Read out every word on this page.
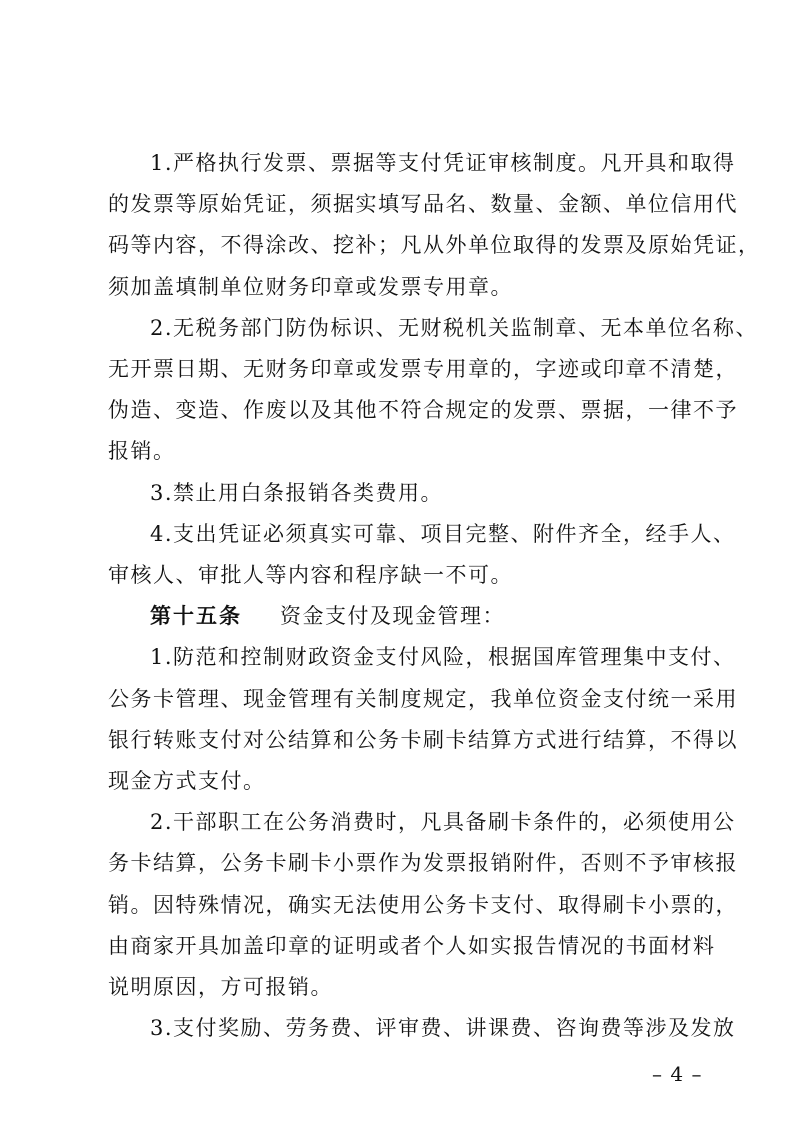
1.严格执行发票、票据等支付凭证审核制度。凡开具和取得
的发票等原始凭证，须据实填写品名、数量、金额、单位信用代
码等内容，不得涂改、挖补；凡从外单位取得的发票及原始凭证，
须加盖填制单位财务印章或发票专用章。
2.无税务部门防伪标识、无财税机关监制章、无本单位名称、
无开票日期、无财务印章或发票专用章的，字迹或印章不清楚，
伪造、变造、作废以及其他不符合规定的发票、票据，一律不予
报销。
3.禁止用白条报销各类费用。
4.支出凭证必须真实可靠、项目完整、附件齐全，经手人、
审核人、审批人等内容和程序缺一不可。
第十五条 资金支付及现金管理：
1.防范和控制财政资金支付风险，根据国库管理集中支付、
公务卡管理、现金管理有关制度规定，我单位资金支付统一采用
银行转账支付对公结算和公务卡刷卡结算方式进行结算，不得以
现金方式支付。
2.干部职工在公务消费时，凡具备刷卡条件的，必须使用公
务卡结算，公务卡刷卡小票作为发票报销附件，否则不予审核报
销。因特殊情况，确实无法使用公务卡支付、取得刷卡小票的，
由商家开具加盖印章的证明或者个人如实报告情况的书面材料
说明原因，方可报销。
3.支付奖励、劳务费、评审费、讲课费、咨询费等涉及发放
– 4 –
